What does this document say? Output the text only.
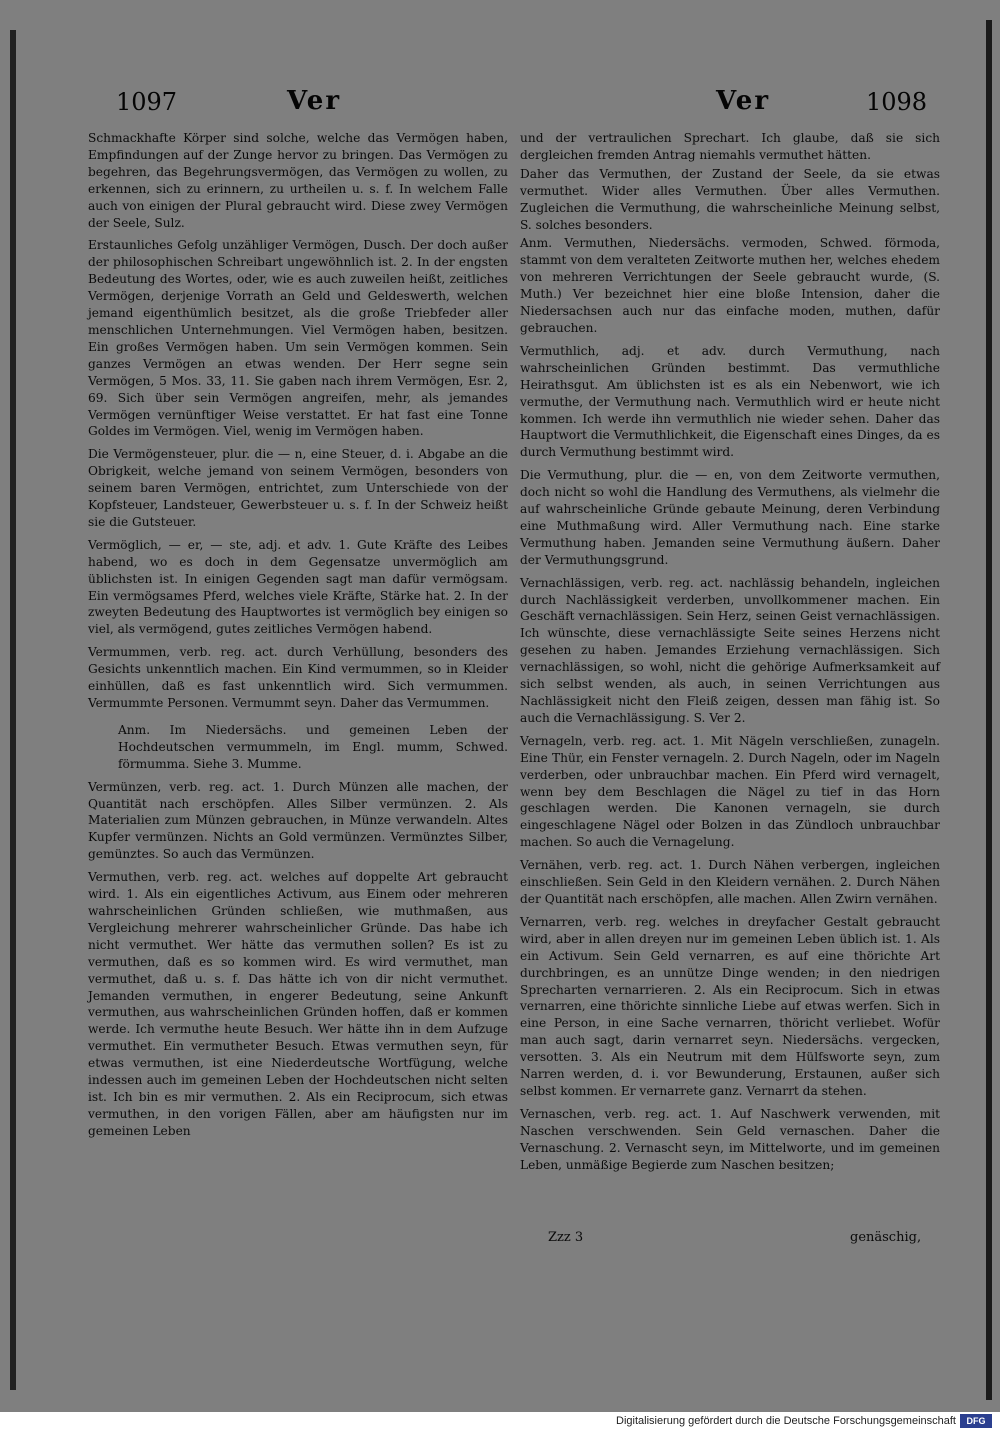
1097	Ver	Ver	1098

Schmackhafte Körper sind solche, welche das Vermögen haben, Empfindungen auf der Zunge hervor zu bringen. Das Vermögen zu begehren, das Begehrungsvermögen, das Vermögen zu wollen, zu erkennen, sich zu erinnern, zu urtheilen u. s. f. In welchem Falle auch von einigen der Plural gebraucht wird. Diese zwey Vermögen der Seele, Sulz.

Erstaunliches Gefolg unzähliger Vermögen, Dusch. Der doch außer der philosophischen Schreibart ungewöhnlich ist. 2. In der engsten Bedeutung des Wortes, oder, wie es auch zuweilen heißt, zeitliches Vermögen, derjenige Vorrath an Geld und Geldeswerth, welchen jemand eigenthümlich besitzet, als die große Triebfeder aller menschlichen Unternehmungen. Viel Vermögen haben, besitzen. Ein großes Vermögen haben. Um sein Vermögen kommen. Sein ganzes Vermögen an etwas wenden. Der Herr segne sein Vermögen, 5 Mos. 33, 11. Sie gaben nach ihrem Vermögen, Esr. 2, 69. Sich über sein Vermögen angreifen, mehr, als jemandes Vermögen vernünftiger Weise verstattet. Er hat fast eine Tonne Goldes im Vermögen. Viel, wenig im Vermögen haben.

Die Vermögensteuer, plur. die — n, eine Steuer, d. i. Abgabe an die Obrigkeit, welche jemand von seinem Vermögen, besonders von seinem baren Vermögen, entrichtet, zum Unterschiede von der Kopfsteuer, Landsteuer, Gewerbsteuer u. s. f. In der Schweiz heißt sie die Gutsteuer.

Vermöglich, — er, — ste, adj. et adv. 1. Gute Kräfte des Leibes habend, wo es doch in dem Gegensatze unvermöglich am üblichsten ist. In einigen Gegenden sagt man dafür vermögsam. Ein vermögsames Pferd, welches viele Kräfte, Stärke hat. 2. In der zweyten Bedeutung des Hauptwortes ist vermöglich bey einigen so viel, als vermögend, gutes zeitliches Vermögen habend.

Vermummen, verb. reg. act. durch Verhüllung, besonders des Gesichts unkenntlich machen. Ein Kind vermummen, so in Kleider einhüllen, daß es fast unkenntlich wird. Sich vermummen. Vermummte Personen. Vermummt seyn. Daher das Vermummen.

Anm. Im Niedersächs. und gemeinen Leben der Hochdeutschen vermummeln, im Engl. mumm, Schwed. förmumma. Siehe 3. Mumme.

Vermünzen, verb. reg. act. 1. Durch Münzen alle machen, der Quantität nach erschöpfen. Alles Silber vermünzen. 2. Als Materialien zum Münzen gebrauchen, in Münze verwandeln. Altes Kupfer vermünzen. Nichts an Gold vermünzen. Vermünztes Silber, gemünztes. So auch das Vermünzen.

Vermuthen, verb. reg. act. welches auf doppelte Art gebraucht wird. 1. Als ein eigentliches Activum, aus Einem oder mehreren wahrscheinlichen Gründen schließen, wie muthmaßen, aus Vergleichung mehrerer wahrscheinlicher Gründe. Das habe ich nicht vermuthet. Wer hätte das vermuthen sollen? Es ist zu vermuthen, daß es so kommen wird. Es wird vermuthet, man vermuthet, daß u. s. f. Das hätte ich von dir nicht vermuthet. Jemanden vermuthen, in engerer Bedeutung, seine Ankunft vermuthen, aus wahrscheinlichen Gründen hoffen, daß er kommen werde. Ich vermuthe heute Besuch. Wer hätte ihn in dem Aufzuge vermuthet. Ein vermutheter Besuch. Etwas vermuthen seyn, für etwas vermuthen, ist eine Niederdeutsche Wortfügung, welche indessen auch im gemeinen Leben der Hochdeutschen nicht selten ist. Ich bin es mir vermuthen. 2. Als ein Reciprocum, sich etwas vermuthen, in den vorigen Fällen, aber am häufigsten nur im gemeinen Leben

und der vertraulichen Sprechart. Ich glaube, daß sie sich dergleichen fremden Antrag niemahls vermuthet hätten.

Daher das Vermuthen, der Zustand der Seele, da sie etwas vermuthet. Wider alles Vermuthen. Über alles Vermuthen. Zugleichen die Vermuthung, die wahrscheinliche Meinung selbst, S. solches besonders.

Anm. Vermuthen, Niedersächs. vermoden, Schwed. förmoda, stammt von dem veralteten Zeitworte muthen her, welches ehedem von mehreren Verrichtungen der Seele gebraucht wurde, (S. Muth.) Ver bezeichnet hier eine bloße Intension, daher die Niedersachsen auch nur das einfache moden, muthen, dafür gebrauchen.

Vermuthlich, adj. et adv. durch Vermuthung, nach wahrscheinlichen Gründen bestimmt. Das vermuthliche Heirathsgut. Am üblichsten ist es als ein Nebenwort, wie ich vermuthe, der Vermuthung nach. Vermuthlich wird er heute nicht kommen. Ich werde ihn vermuthlich nie wieder sehen. Daher das Hauptwort die Vermuthlichkeit, die Eigenschaft eines Dinges, da es durch Vermuthung bestimmt wird.

Die Vermuthung, plur. die — en, von dem Zeitworte vermuthen, doch nicht so wohl die Handlung des Vermuthens, als vielmehr die auf wahrscheinliche Gründe gebaute Meinung, deren Verbindung eine Muthmaßung wird. Aller Vermuthung nach. Eine starke Vermuthung haben. Jemanden seine Vermuthung äußern. Daher der Vermuthungsgrund.

Vernachlässigen, verb. reg. act. nachlässig behandeln, ingleichen durch Nachlässigkeit verderben, unvollkommener machen. Ein Geschäft vernachlässigen. Sein Herz, seinen Geist vernachlässigen. Ich wünschte, diese vernachlässigte Seite seines Herzens nicht gesehen zu haben. Jemandes Erziehung vernachlässigen. Sich vernachlässigen, so wohl, nicht die gehörige Aufmerksamkeit auf sich selbst wenden, als auch, in seinen Verrichtungen aus Nachlässigkeit nicht den Fleiß zeigen, dessen man fähig ist. So auch die Vernachlässigung. S. Ver 2.

Vernageln, verb. reg. act. 1. Mit Nägeln verschließen, zunageln. Eine Thür, ein Fenster vernageln. 2. Durch Nageln, oder im Nageln verderben, oder unbrauchbar machen. Ein Pferd wird vernagelt, wenn bey dem Beschlagen die Nägel zu tief in das Horn geschlagen werden. Die Kanonen vernageln, sie durch eingeschlagene Nägel oder Bolzen in das Zündloch unbrauchbar machen. So auch die Vernagelung.

Vernähen, verb. reg. act. 1. Durch Nähen verbergen, ingleichen einschließen. Sein Geld in den Kleidern vernähen. 2. Durch Nähen der Quantität nach erschöpfen, alle machen. Allen Zwirn vernähen.

Vernarren, verb. reg. welches in dreyfacher Gestalt gebraucht wird, aber in allen dreyen nur im gemeinen Leben üblich ist. 1. Als ein Activum. Sein Geld vernarren, es auf eine thörichte Art durchbringen, es an unnütze Dinge wenden; in den niedrigen Sprecharten vernarrieren. 2. Als ein Reciprocum. Sich in etwas vernarren, eine thörichte sinnliche Liebe auf etwas werfen. Sich in eine Person, in eine Sache vernarren, thöricht verliebet. Wofür man auch sagt, darin vernarret seyn. Niedersächs. vergecken, versotten. 3. Als ein Neutrum mit dem Hülfsworte seyn, zum Narren werden, d. i. vor Bewunderung, Erstaunen, außer sich selbst kommen. Er vernarrete ganz. Vernarrt da stehen.

Vernaschen, verb. reg. act. 1. Auf Naschwerk verwenden, mit Naschen verschwenden. Sein Geld vernaschen. Daher die Vernaschung. 2. Vernascht seyn, im Mittelworte, und im gemeinen Leben, unmäßige Begierde zum Naschen besitzen;

Zzz 3	genäschig,
Digitalisierung gefördert durch die Deutsche Forschungsgemeinschaft	DFG
